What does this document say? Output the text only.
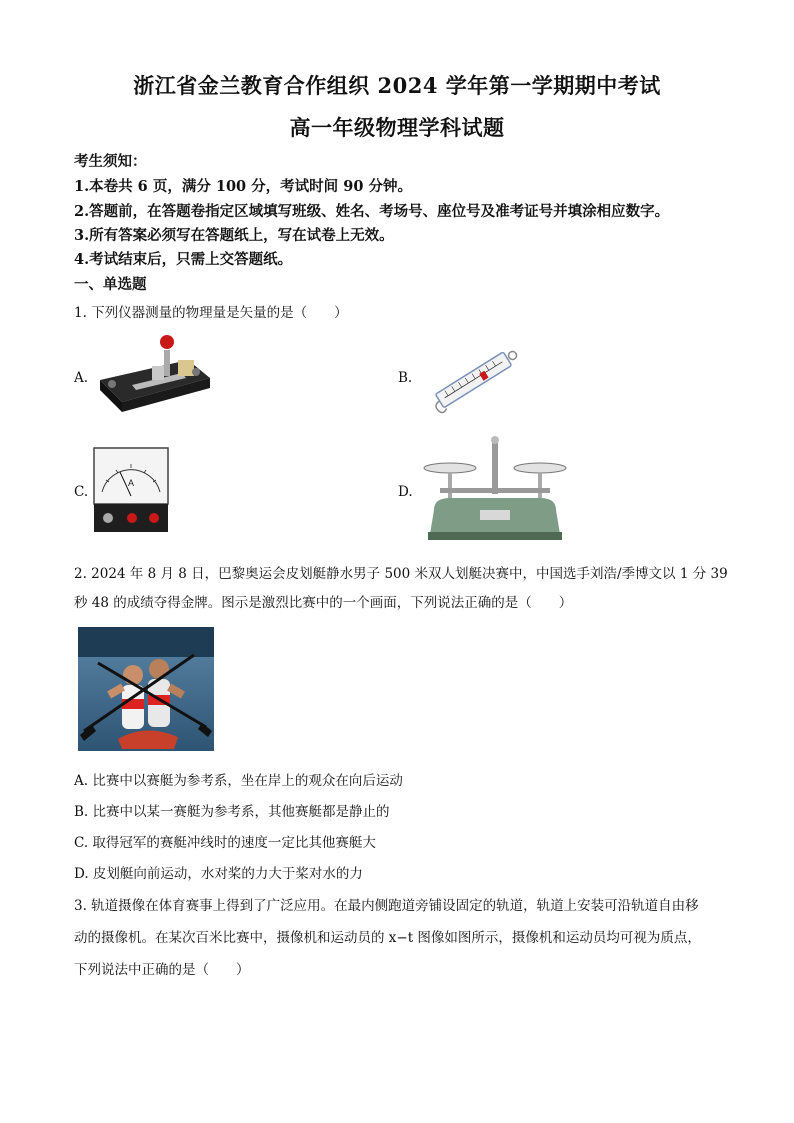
浙江省金兰教育合作组织 2024 学年第一学期期中考试
高一年级物理学科试题
考生须知：
1.本卷共 6 页，满分 100 分，考试时间 90 分钟。
2.答题前，在答题卷指定区域填写班级、姓名、考场号、座位号及准考证号并填涂相应数字。
3.所有答案必须写在答题纸上，写在试卷上无效。
4.考试结束后，只需上交答题纸。
一、单选题
1. 下列仪器测量的物理量是矢量的是（　　）
A.	B.
C.	D.
A
2. 2024 年 8 月 8 日，巴黎奥运会皮划艇静水男子 500 米双人划艇决赛中，中国选手刘浩/季博文以 1 分 39
秒 48 的成绩夺得金牌。图示是激烈比赛中的一个画面，下列说法正确的是（　　）
A. 比赛中以赛艇为参考系，坐在岸上的观众在向后运动
B. 比赛中以某一赛艇为参考系，其他赛艇都是静止的
C. 取得冠军的赛艇冲线时的速度一定比其他赛艇大
D. 皮划艇向前运动，水对桨的力大于桨对水的力
3. 轨道摄像在体育赛事上得到了广泛应用。在最内侧跑道旁铺设固定的轨道，轨道上安装可沿轨道自由移
动的摄像机。在某次百米比赛中，摄像机和运动员的 x−t 图像如图所示，摄像机和运动员均可视为质点，
下列说法中正确的是（　　）
